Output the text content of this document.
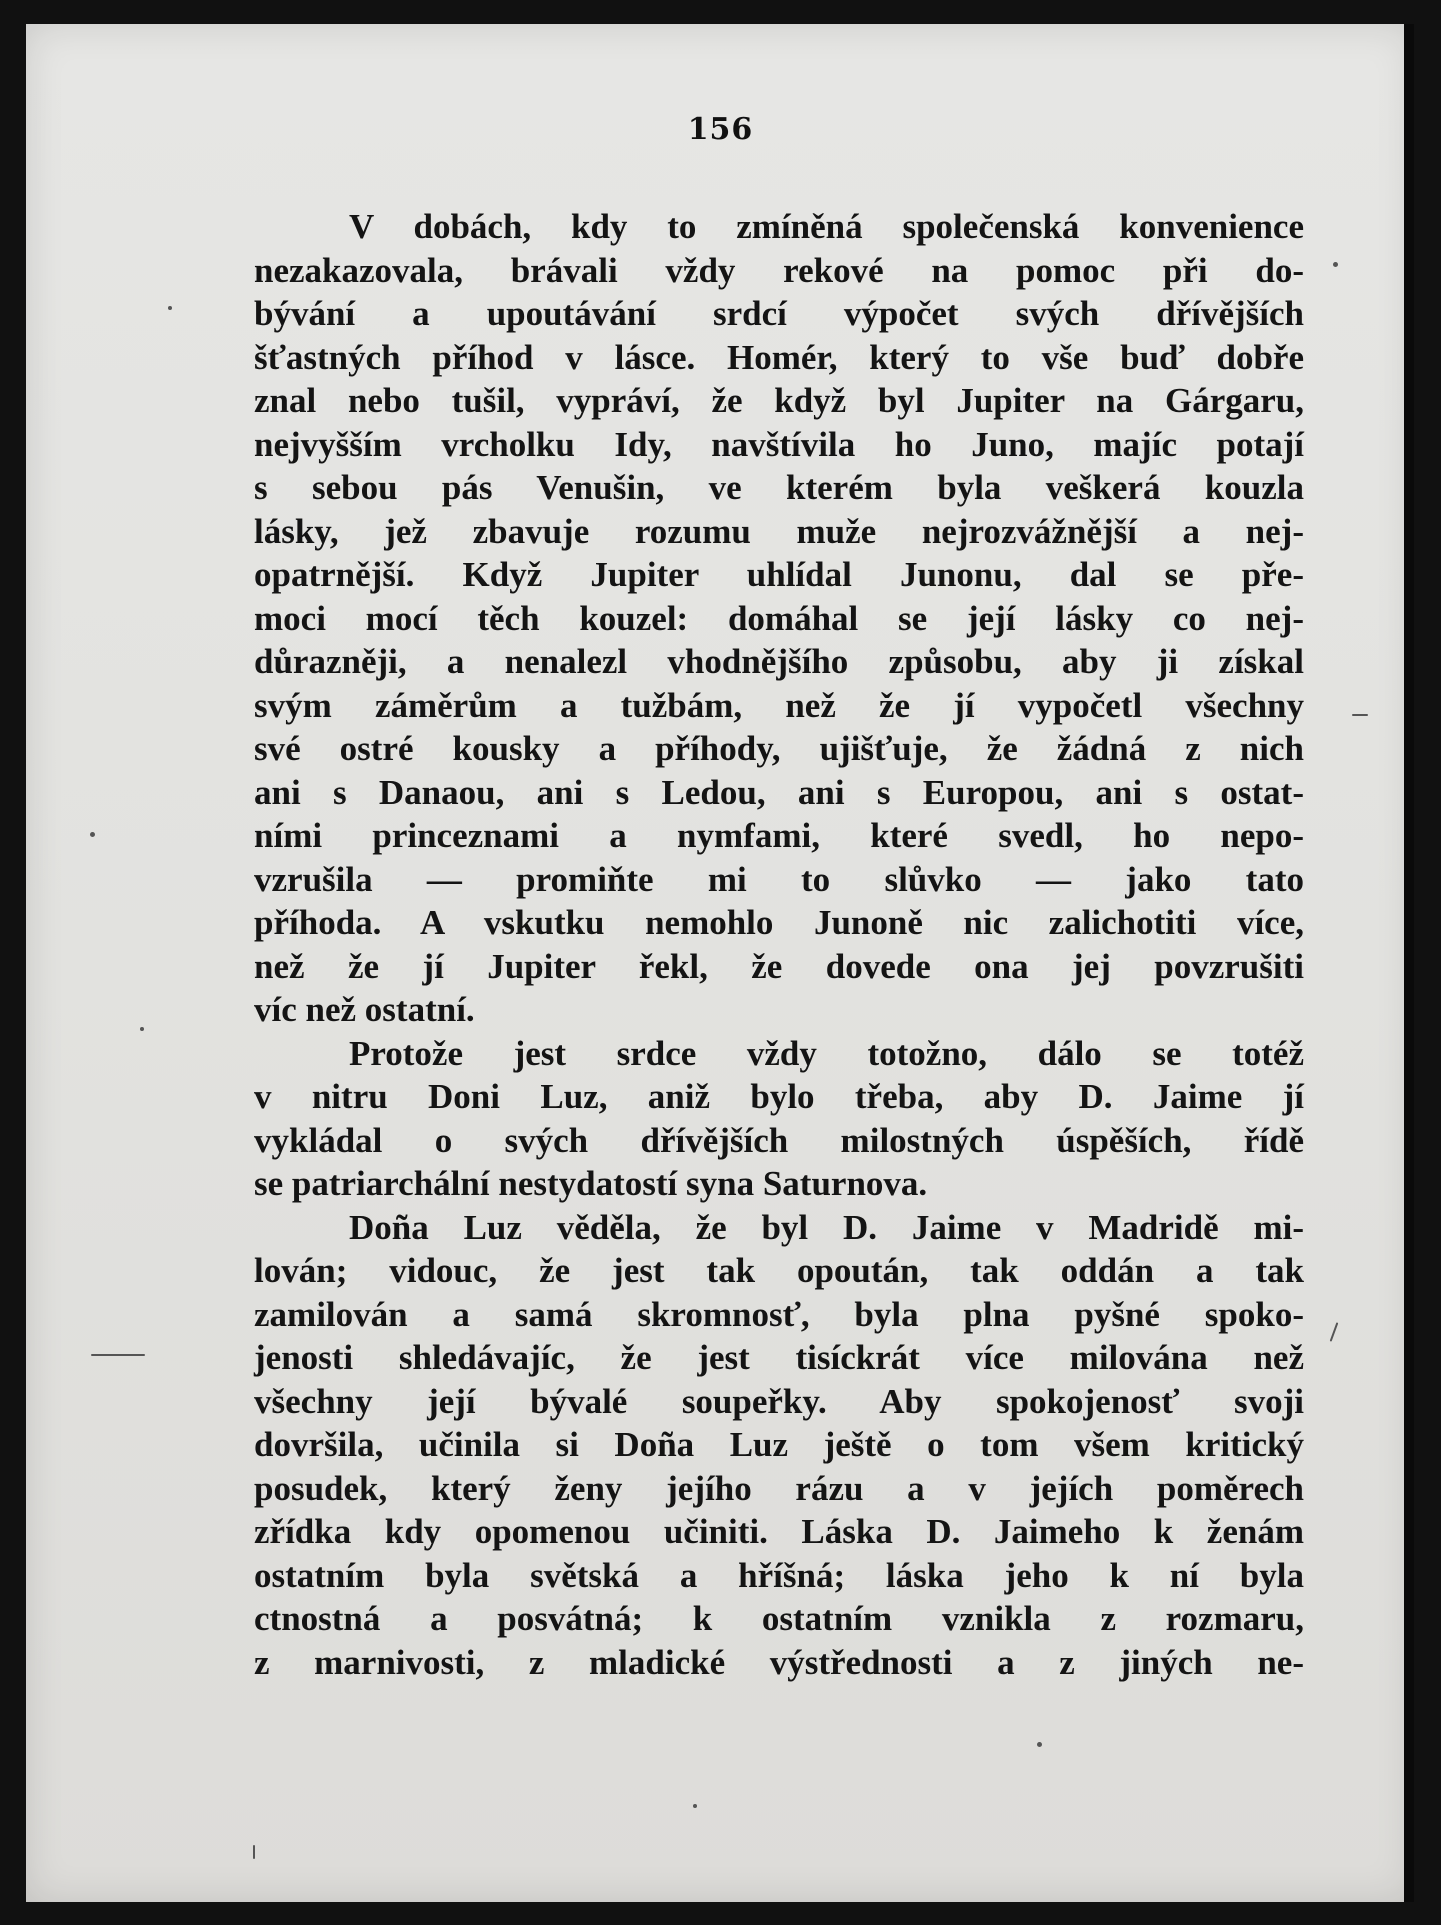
156

V dobách, kdy to zmíněná společenská konvenience
nezakazovala, brávali vždy rekové na pomoc při do-
bývání a upoutávání srdcí výpočet svých dřívějších
šťastných příhod v lásce. Homér, který to vše buď dobře
znal nebo tušil, vypráví, že když byl Jupiter na Gárgaru,
nejvyšším vrcholku Idy, navštívila ho Juno, majíc potají
s sebou pás Venušin, ve kterém byla veškerá kouzla
lásky, jež zbavuje rozumu muže nejrozvážnější a nej-
opatrnější. Když Jupiter uhlídal Junonu, dal se pře-
moci mocí těch kouzel: domáhal se její lásky co nej-
důrazněji, a nenalezl vhodnějšího způsobu, aby ji získal
svým záměrům a tužbám, než že jí vypočetl všechny
své ostré kousky a příhody, ujišťuje, že žádná z nich
ani s Danaou, ani s Ledou, ani s Europou, ani s ostat-
ními princeznami a nymfami, které svedl, ho nepo-
vzrušila — promiňte mi to slůvko — jako tato
příhoda. A vskutku nemohlo Junoně nic zalichotiti více,
než že jí Jupiter řekl, že dovede ona jej povzrušiti
víc než ostatní.

Protože jest srdce vždy totožno, dálo se totéž
v nitru Doni Luz, aniž bylo třeba, aby D. Jaime jí
vykládal o svých dřívějších milostných úspěších, řídě
se patriarchální nestydatostí syna Saturnova.

Doña Luz věděla, že byl D. Jaime v Madridě mi-
lován; vidouc, že jest tak opoután, tak oddán a tak
zamilován a samá skromnosť, byla plna pyšné spoko-
jenosti shledávajíc, že jest tisíckrát více milována než
všechny její bývalé soupeřky. Aby spokojenosť svoji
dovršila, učinila si Doña Luz ještě o tom všem kritický
posudek, který ženy jejího rázu a v jejích poměrech
zřídka kdy opomenou učiniti. Láska D. Jaimeho k ženám
ostatním byla světská a hříšná; láska jeho k ní byla
ctnostná a posvátná; k ostatním vznikla z rozmaru,
z marnivosti, z mladické výstřednosti a z jiných ne-
